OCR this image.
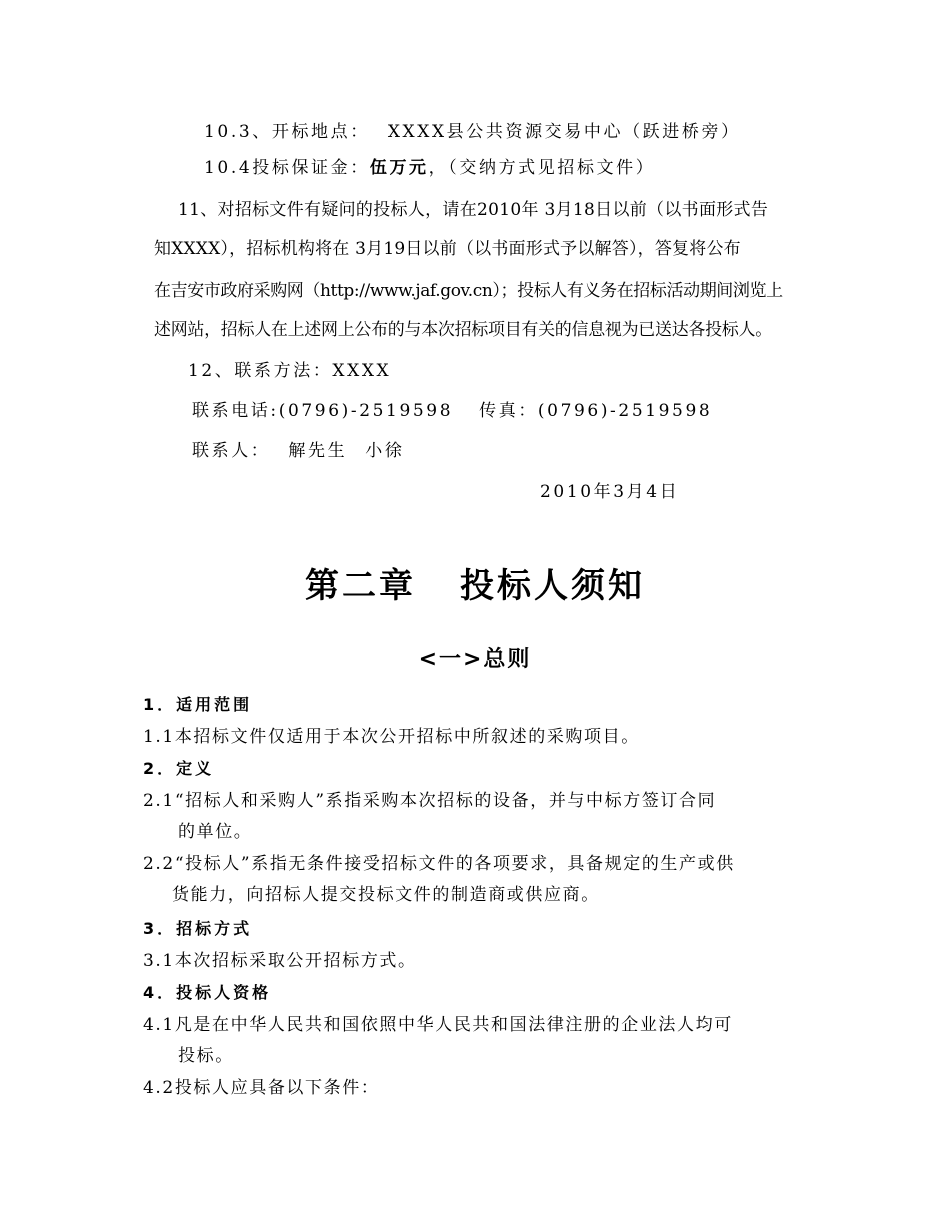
10.3、开标地点： XXXX县公共资源交易中心（跃进桥旁）
10.4投标保证金：伍万元，（交纳方式见招标文件）
11、对招标文件有疑问的投标人，请在2010年 3月18日以前（以书面形式告
知XXXX），招标机构将在 3月19日以前（以书面形式予以解答），答复将公布
在吉安市政府采购网（http://www.jaf.gov.cn）；投标人有义务在招标活动期间浏览上
述网站，招标人在上述网上公布的与本次招标项目有关的信息视为已送达各投标人。
12、联系方法：XXXX
联系电话:(0796)-2519598 传真：(0796)-2519598
联系人： 解先生 小徐
2010年3月4日
第二章 投标人须知
<一>总则
1．适用范围
1.1本招标文件仅适用于本次公开招标中所叙述的采购项目。
2．定义
2.1“招标人和采购人”系指采购本次招标的设备，并与中标方签订合同
的单位。
2.2“投标人”系指无条件接受招标文件的各项要求，具备规定的生产或供
货能力，向招标人提交投标文件的制造商或供应商。
3．招标方式
3.1本次招标采取公开招标方式。
4．投标人资格
4.1凡是在中华人民共和国依照中华人民共和国法律注册的企业法人均可
投标。
4.2投标人应具备以下条件：
